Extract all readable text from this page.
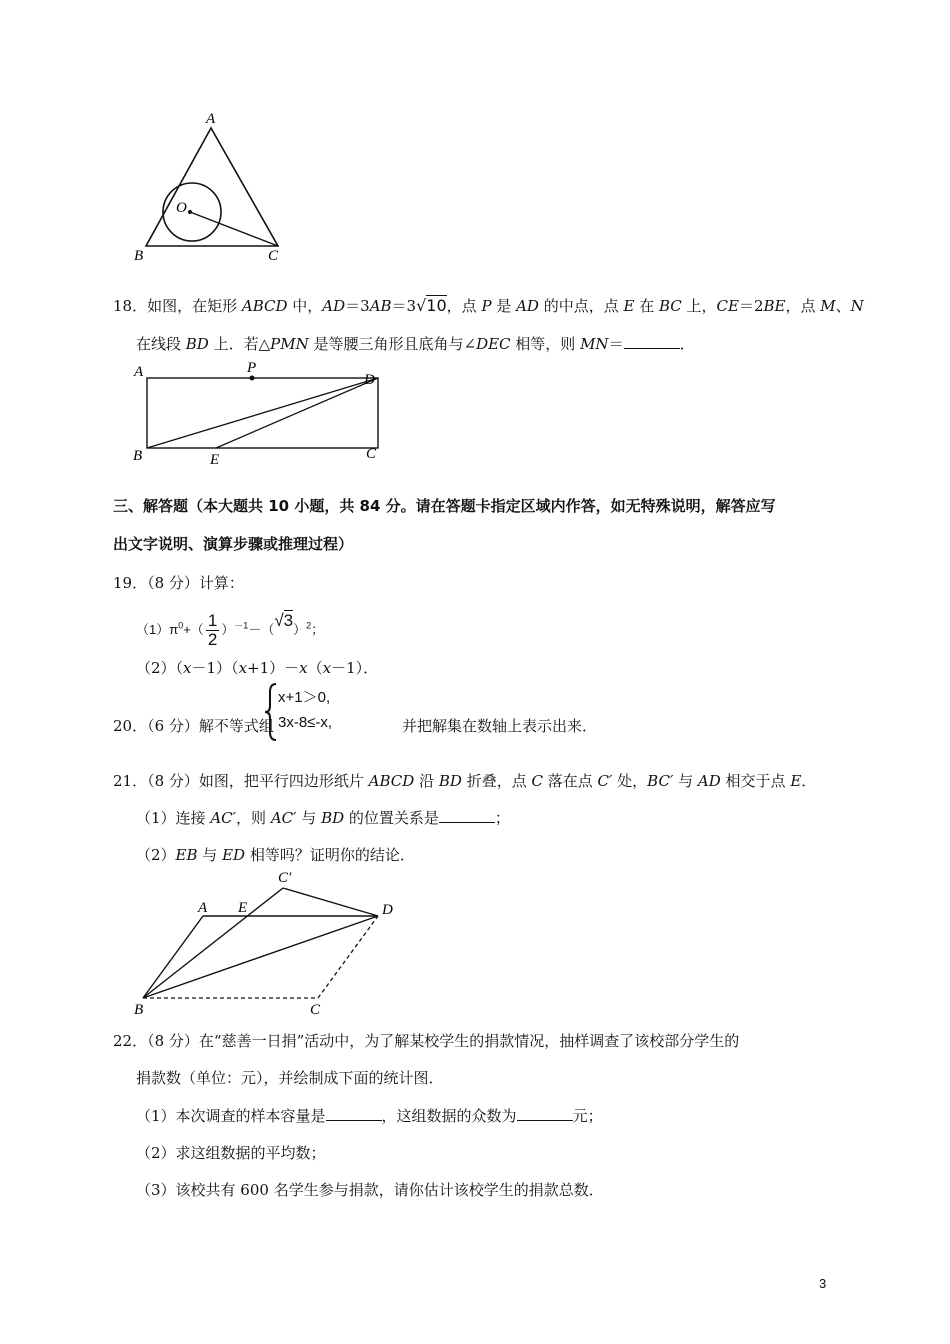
A
O
B	C
18．如图，在矩形 ABCD 中，AD＝3AB＝3√10，点 P 是 AD 的中点，点 E 在 BC 上，CE＝2BE，点 M、N
在线段 BD 上．若△PMN 是等腰三角形且底角与∠DEC 相等，则 MN＝	．
A	P
D
B	E	C
三、解答题（本大题共 10 小题，共 84 分。请在答题卡指定区域内作答，如无特殊说明，解答应写
出文字说明、演算步骤或推理过程）
19．（8 分）计算：
$(1)\pi^0+( \frac{1}{2} )^{-1}-(√3)^2$；
（2）（x－1）（x+1）－x（x－1）．
20．（6 分）解不等式组
x+1＞0,
3x-8≤-x,	并把解集在数轴上表示出来．
21．（8 分）如图，把平行四边形纸片 ABCD 沿 BD 折叠，点 C 落在点 C′ 处，BC′ 与 AD 相交于点 E．
（1）连接 AC′，则 AC′ 与 BD 的位置关系是	；
（2）EB 与 ED 相等吗？证明你的结论．
C′
A E	D
B	C
22．（8 分）在“慈善一日捐”活动中，为了解某校学生的捐款情况，抽样调查了该校部分学生的
捐款数（单位：元），并绘制成下面的统计图．
（1）本次调查的样本容量是	，这组数据的众数为	元；
（2）求这组数据的平均数；
（3）该校共有 600 名学生参与捐款，请你估计该校学生的捐款总数．
3
